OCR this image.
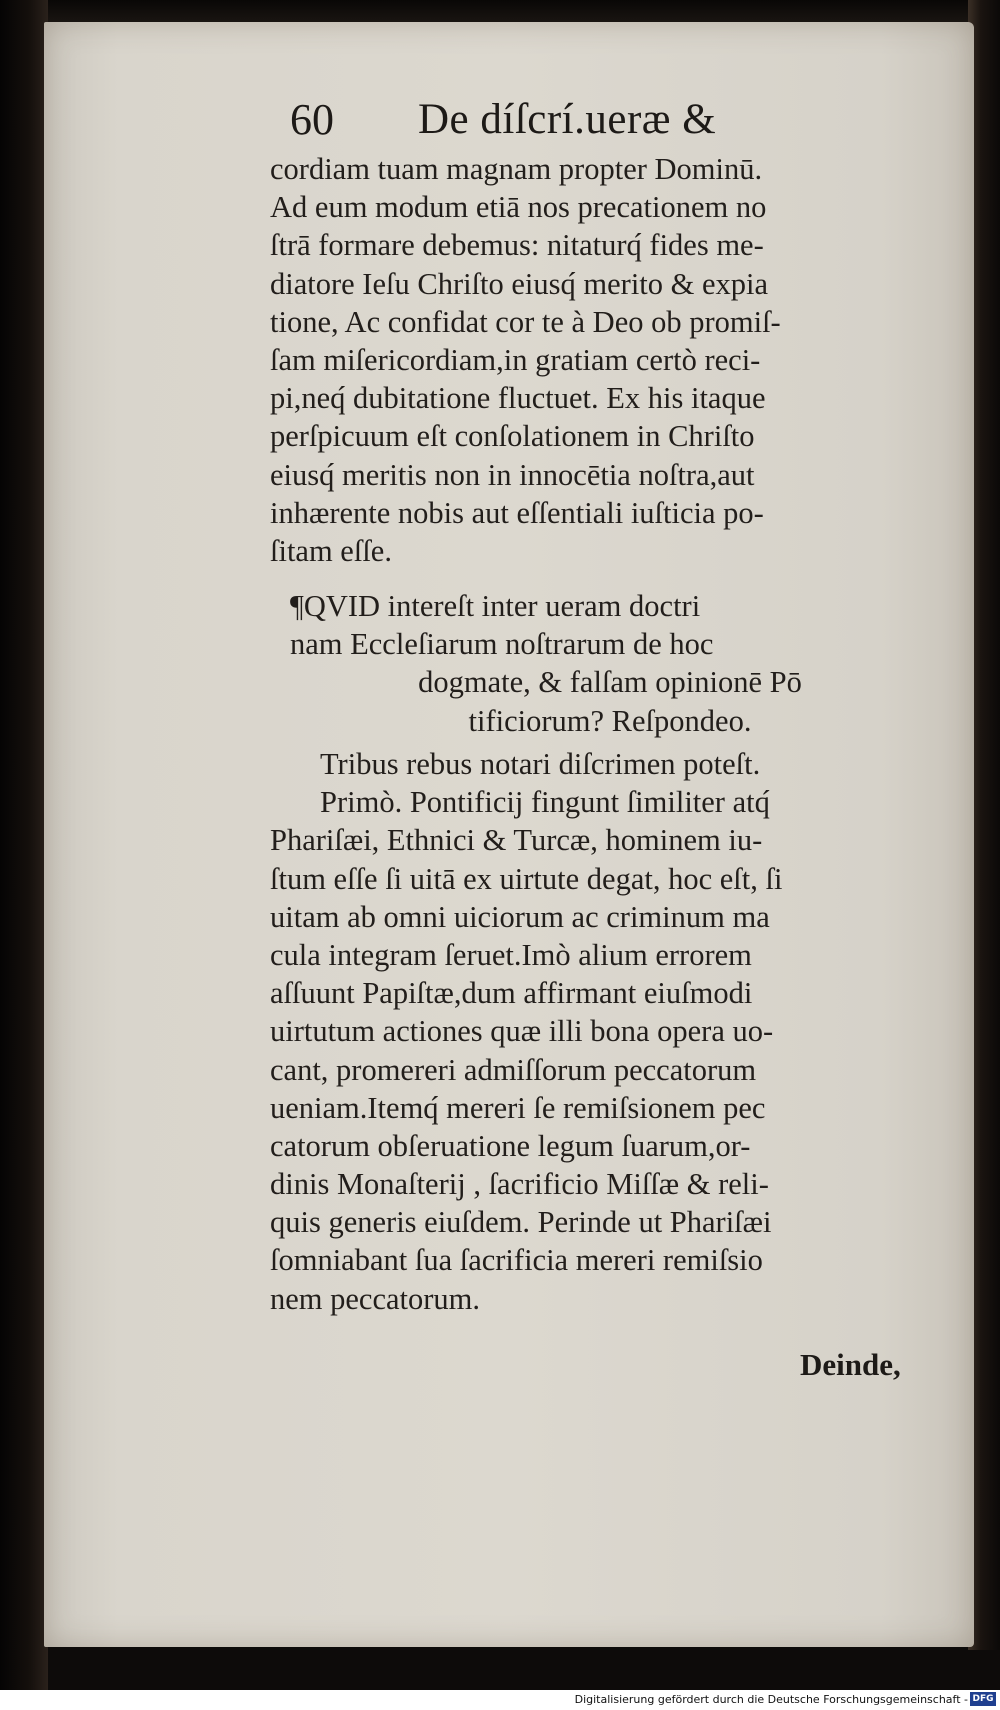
60 De díſcrí.ueræ &
cordiam tuam magnam propter Dominū.
Ad eum modum etiā nos precationem no
ſtrā formare debemus: nitaturq́ fides me-
diatore Ieſu Chriſto eiusq́ merito & expia
tione, Ac confidat cor te à Deo ob promiſ-
ſam miſericordiam,in gratiam certò reci-
pi,neq́ dubitatione fluctuet. Ex his itaque
perſpicuum eſt conſolationem in Chriſto
eiusq́ meritis non in innocētia noſtra,aut
inhærente nobis aut eſſentiali iuſticia po-
ſitam eſſe.
¶QVID intereſt inter ueram doctri
nam Eccleſiarum noſtrarum de hoc
dogmate, & falſam opinionē Pō
tificiorum? Reſpondeo.
Tribus rebus notari diſcrimen poteſt.
Primò. Pontificij fingunt ſimiliter atq́
Phariſæi, Ethnici & Turcæ, hominem iu-
ſtum eſſe ſi uitā ex uirtute degat, hoc eſt, ſi
uitam ab omni uiciorum ac criminum ma
cula integram ſeruet.Imò alium errorem
aſſuunt Papiſtæ,dum affirmant eiuſmodi
uirtutum actiones quæ illi bona opera uo-
cant, promereri admiſſorum peccatorum
ueniam.Itemq́ mereri ſe remiſsionem pec
catorum obſeruatione legum ſuarum,or-
dinis Monaſterij , ſacrificio Miſſæ & reli-
quis generis eiuſdem. Perinde ut Phariſæi
ſomniabant ſua ſacrificia mereri remiſsio
nem peccatorum.
Deinde,
Digitalisierung gefördert durch die Deutsche Forschungsgemeinschaft - DFG
